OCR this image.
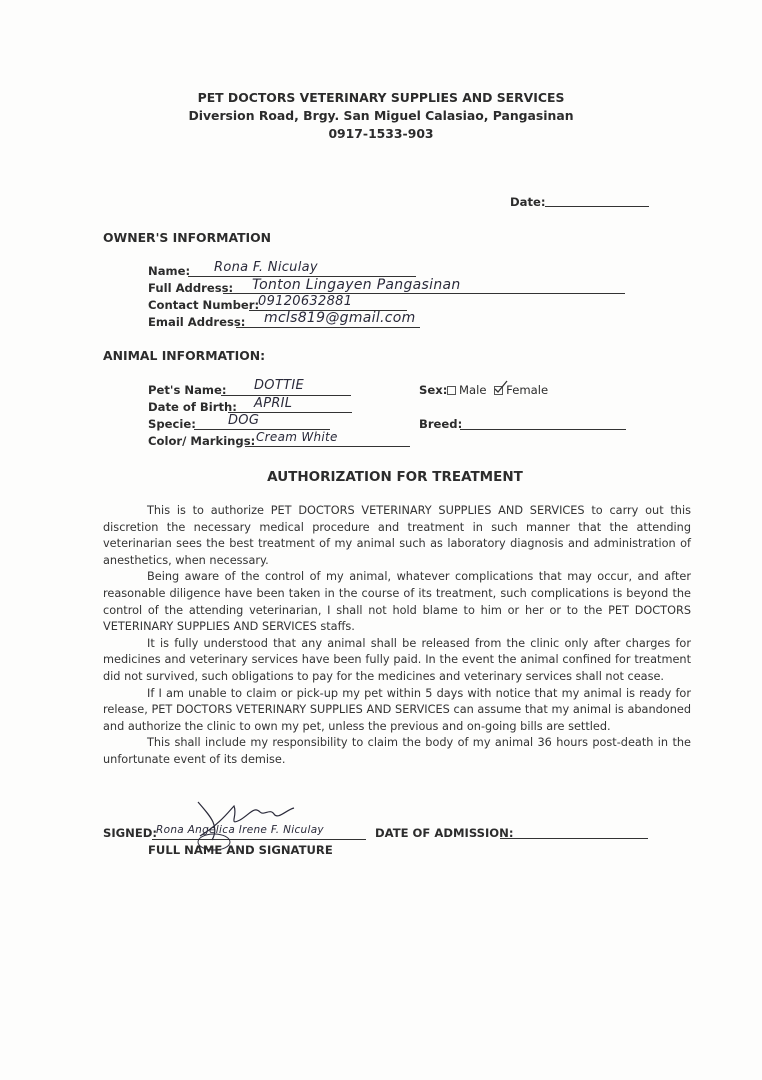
PET DOCTORS VETERINARY SUPPLIES AND SERVICES
Diversion Road, Brgy. San Miguel Calasiao, Pangasinan
0917-1533-903
Date:
OWNER'S INFORMATION
Name: Rona F. Niculay
Full Address: Tonton Lingayen Pangasinan
Contact Number:
09120632881
Email Address: mcls819@gmail.com
ANIMAL INFORMATION:
Pet's Name: DOTTIE	Sex:	Male Female
Date of Birth: APRIL
Specie: DOG	Breed:
Color/ Markings: Cream White
AUTHORIZATION FOR TREATMENT

This is to authorize PET DOCTORS VETERINARY SUPPLIES AND SERVICES to carry out this discretion the necessary medical procedure and treatment in such manner that the attending veterinarian sees the best treatment of my animal such as laboratory diagnosis and administration of anesthetics, when necessary.

Being aware of the control of my animal, whatever complications that may occur, and after reasonable diligence have been taken in the course of its treatment, such complications is beyond the control of the attending veterinarian, I shall not hold blame to him or her or to the PET DOCTORS VETERINARY SUPPLIES AND SERVICES staffs.

It is fully understood that any animal shall be released from the clinic only after charges for medicines and veterinary services have been fully paid. In the event the animal confined for treatment did not survived, such obligations to pay for the medicines and veterinary services shall not cease.

If I am unable to claim or pick-up my pet within 5 days with notice that my animal is ready for release, PET DOCTORS VETERINARY SUPPLIES AND SERVICES can assume that my animal is abandoned and authorize the clinic to own my pet, unless the previous and on-going bills are settled.

This shall include my responsibility to claim the body of my animal 36 hours post-death in the unfortunate event of its demise.

SIGNED:
Rona Angelica Irene F. Niculay
FULL NAME AND SIGNATURE
DATE OF ADMISSION:
